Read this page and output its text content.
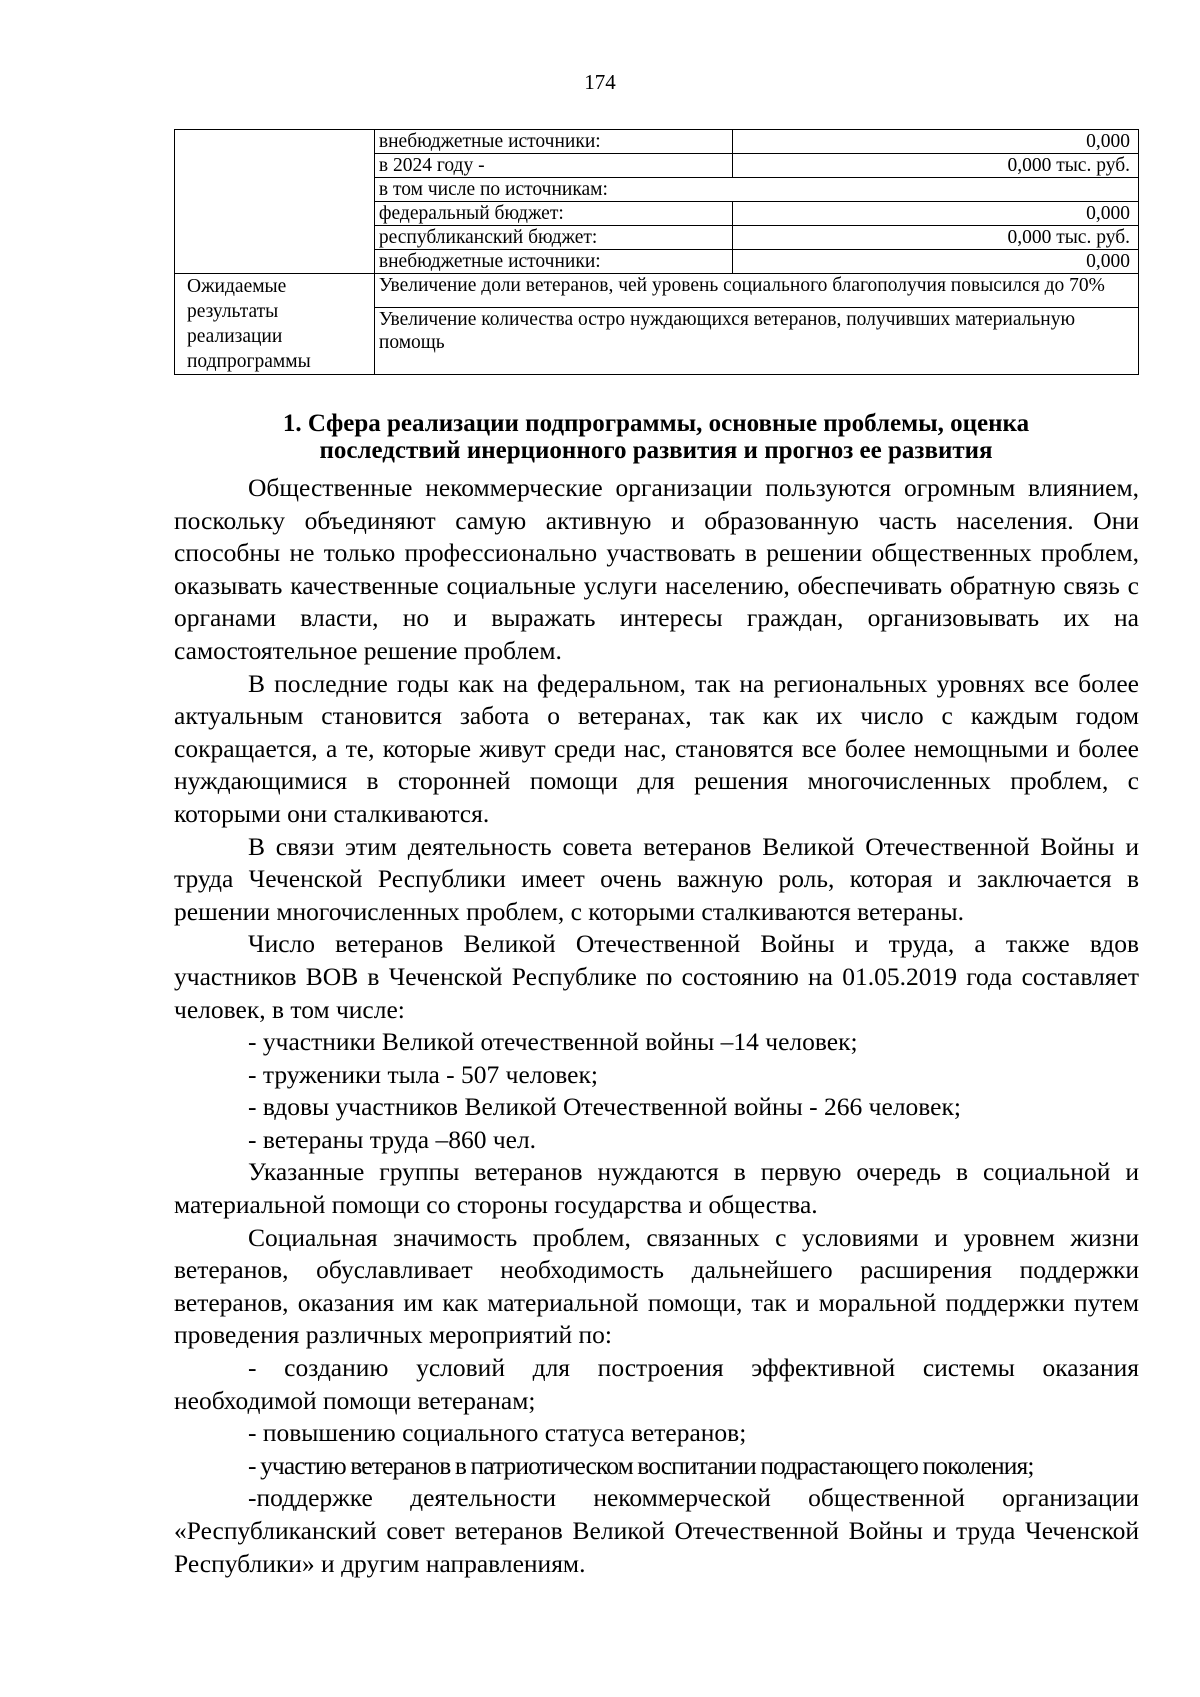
174
	внебюджетные источники:	0,000
	в 2024 году -	0,000 тыс. руб.
	в том числе по источникам:	
	федеральный бюджет:	0,000
	республиканский бюджет:	0,000 тыс. руб.
	внебюджетные источники:	0,000
Ожидаемые результаты реализации подпрограммы	Увеличение доли ветеранов, чей уровень социального благополучия повысился до 70%	
	Увеличение количества остро нуждающихся ветеранов, получивших материальную помощь	
1. Сфера реализации подпрограммы, основные проблемы, оценка
последствий инерционного развития и прогноз ее развития

Общественные некоммерческие организации пользуются огромным влиянием, поскольку объединяют самую активную и образованную часть населения. Они способны не только профессионально участвовать в решении общественных проблем, оказывать качественные социальные услуги населению, обеспечивать обратную связь с органами власти, но и выражать интересы граждан, организовывать их на самостоятельное решение проблем.

В последние годы как на федеральном, так на региональных уровнях все более актуальным становится забота о ветеранах, так как их число с каждым годом сокращается, а те, которые живут среди нас, становятся все более немощными и более нуждающимися в сторонней помощи для решения многочисленных проблем, с которыми они сталкиваются.

В связи этим деятельность совета ветеранов Великой Отечественной Войны и труда Чеченской Республики имеет очень важную роль, которая и заключается в решении многочисленных проблем, с которыми сталкиваются ветераны.

Число ветеранов Великой Отечественной Войны и труда, а также вдов участников ВОВ в Чеченской Республике по состоянию на 01.05.2019 года составляет человек, в том числе:

- участники Великой отечественной войны –14 человек;

- труженики тыла - 507 человек;

- вдовы участников Великой Отечественной войны - 266 человек;

- ветераны труда –860 чел.

Указанные группы ветеранов нуждаются в первую очередь в социальной и материальной помощи со стороны государства и общества.

Социальная значимость проблем, связанных с условиями и уровнем жизни ветеранов, обуславливает необходимость дальнейшего расширения поддержки ветеранов, оказания им как материальной помощи, так и моральной поддержки путем проведения различных мероприятий по:

- созданию условий для построения эффективной системы оказания необходимой помощи ветеранам;

- повышению социального статуса ветеранов;

- участию ветеранов в патриотическом воспитании подрастающего поколения;

-поддержке деятельности некоммерческой общественной организации «Республиканский совет ветеранов Великой Отечественной Войны и труда Чеченской Республики» и другим направлениям.
